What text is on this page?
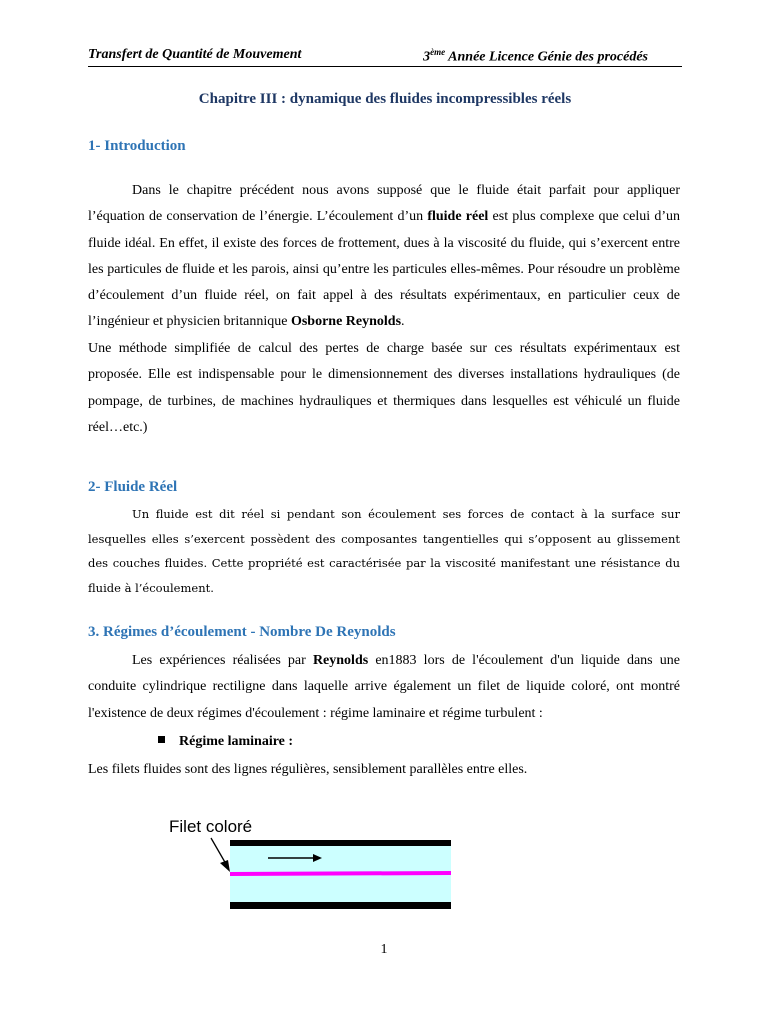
Transfert de Quantité de Mouvement	3ème Année Licence Génie des procédés
Chapitre III : dynamique des fluides incompressibles réels
1- Introduction

Dans le chapitre précédent nous avons supposé que le fluide était parfait pour appliquer l’équation de conservation de l’énergie. L’écoulement d’un fluide réel est plus complexe que celui d’un fluide idéal. En effet, il existe des forces de frottement, dues à la viscosité du fluide, qui s’exercent entre les particules de fluide et les parois, ainsi qu’entre les particules elles-mêmes. Pour résoudre un problème d’écoulement d’un fluide réel, on fait appel à des résultats expérimentaux, en particulier ceux de l’ingénieur et physicien britannique Osborne Reynolds.

Une méthode simplifiée de calcul des pertes de charge basée sur ces résultats expérimentaux est proposée. Elle est indispensable pour le dimensionnement des diverses installations hydrauliques (de pompage, de turbines, de machines hydrauliques et thermiques dans lesquelles est véhiculé un fluide réel…etc.)

2- Fluide Réel

Un fluide est dit réel si pendant son écoulement ses forces de contact à la surface sur lesquelles elles s’exercent possèdent des composantes tangentielles qui s’opposent au glissement des couches fluides. Cette propriété est caractérisée par la viscosité manifestant une résistance du fluide à l’écoulement.

3. Régimes d’écoulement - Nombre De Reynolds

Les expériences réalisées par Reynolds en1883 lors de l'écoulement d'un liquide dans une conduite cylindrique rectiligne dans laquelle arrive également un filet de liquide coloré, ont montré l'existence de deux régimes d'écoulement : régime laminaire et régime turbulent :

Régime laminaire :

Les filets fluides sont des lignes régulières, sensiblement parallèles entre elles.

Filet coloré
1
